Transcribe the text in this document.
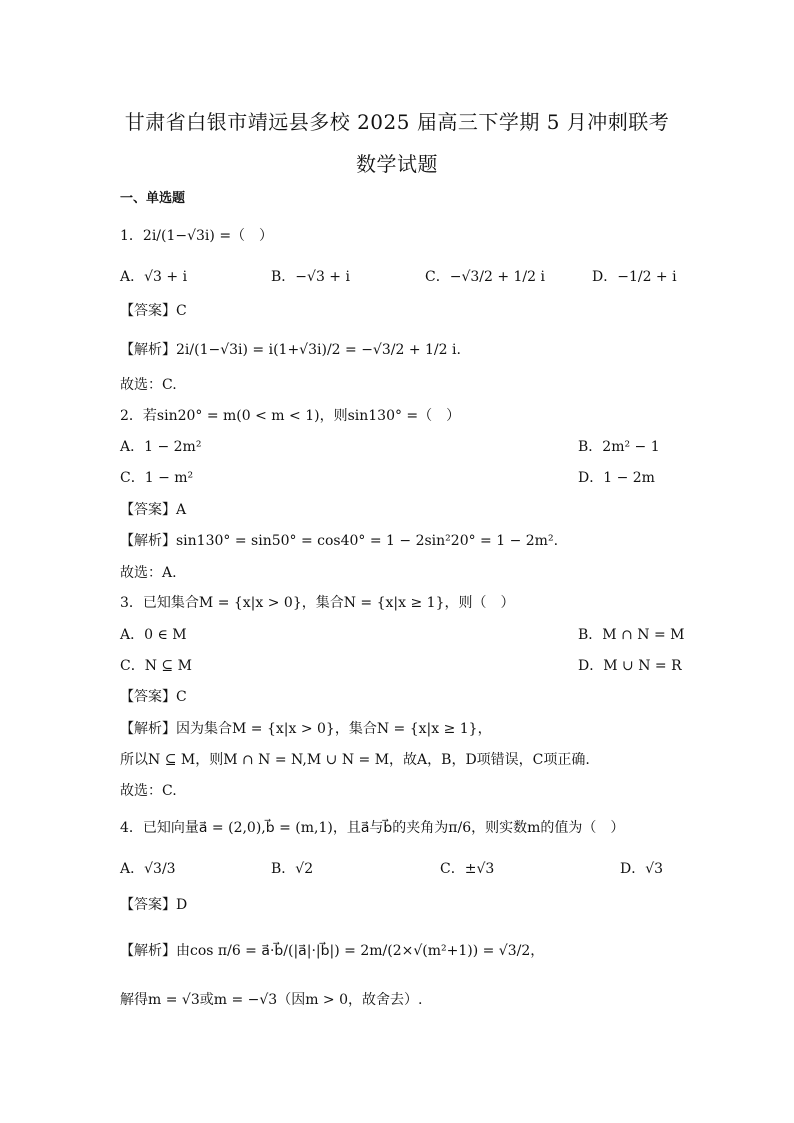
甘肃省白银市靖远县多校 2025 届高三下学期 5 月冲刺联考
数学试题
一、单选题
1．2i/(1−√3i) =（　）
A．√3 + i	B．−√3 + i	C．−√3/2 + 1/2 i	D．−1/2 + i
【答案】C
【解析】2i/(1−√3i) = i(1+√3i)/2 = −√3/2 + 1/2 i.
故选：C.
2．若sin20° = m(0 < m < 1)，则sin130° =（　）
A．1 − 2m²	B．2m² − 1
C．1 − m²	D．1 − 2m
【答案】A
【解析】sin130° = sin50° = cos40° = 1 − 2sin²20° = 1 − 2m².
故选：A.
3．已知集合M = {x|x > 0}，集合N = {x|x ≥ 1}，则（　）
A．0 ∈ M	B．M ∩ N = M
C．N ⊆ M	D．M ∪ N = R
【答案】C
【解析】因为集合M = {x|x > 0}，集合N = {x|x ≥ 1}，
所以N ⊆ M，则M ∩ N = N,M ∪ N = M，故A，B，D项错误，C项正确.
故选：C.
4．已知向量a⃗ = (2,0),b⃗ = (m,1)，且a⃗与b⃗的夹角为π/6，则实数m的值为（　）
A．√3/3	B．√2	C．±√3	D．√3
【答案】D
【解析】由cos π/6 = a⃗·b⃗/(|a⃗|·|b⃗|) = 2m/(2×√(m²+1)) = √3/2，
解得m = √3或m = −√3（因m > 0，故舍去）.
